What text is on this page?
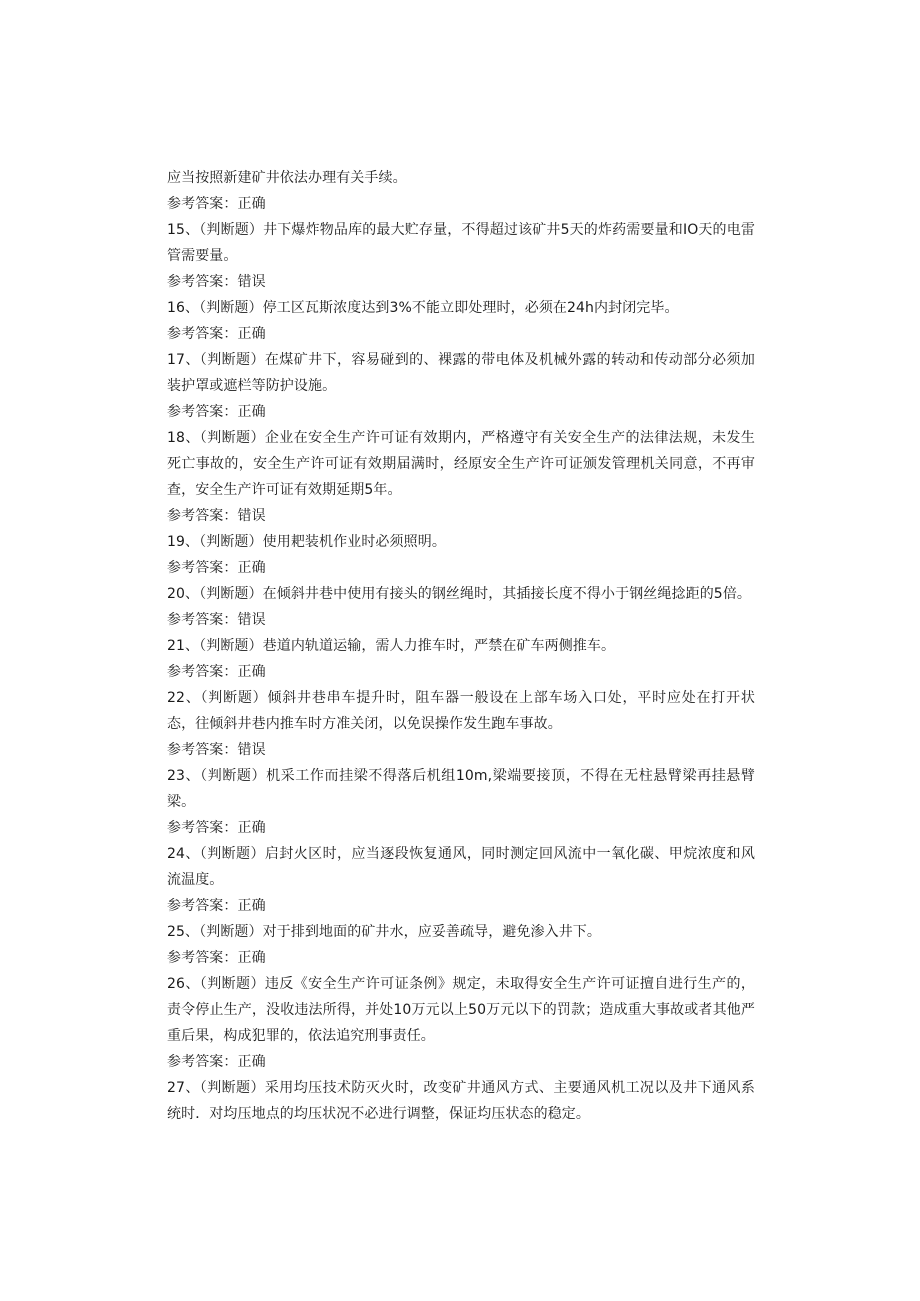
应当按照新建矿井依法办理有关手续。

参考答案：正确

15、（判断题）井下爆炸物品库的最大贮存量，不得超过该矿井5天的炸药需要量和IO天的电雷管需要量。

参考答案：错误

16、（判断题）停工区瓦斯浓度达到3%不能立即处理时，必须在24h内封闭完毕。

参考答案：正确

17、（判断题）在煤矿井下，容易碰到的、裸露的带电体及机械外露的转动和传动部分必须加装护罩或遮栏等防护设施。

参考答案：正确

18、（判断题）企业在安全生产许可证有效期内，严格遵守有关安全生产的法律法规，未发生死亡事故的，安全生产许可证有效期届满时，经原安全生产许可证颁发管理机关同意，不再审查，安全生产许可证有效期延期5年。

参考答案：错误

19、（判断题）使用耙装机作业时必须照明。

参考答案：正确

20、（判断题）在倾斜井巷中使用有接头的钢丝绳时，其插接长度不得小于钢丝绳捻距的5倍。

参考答案：错误

21、（判断题）巷道内轨道运输，需人力推车时，严禁在矿车两侧推车。

参考答案：正确

22、（判断题）倾斜井巷串车提升时，阻车器一般设在上部车场入口处，平时应处在打开状态，往倾斜井巷内推车时方准关闭，以免误操作发生跑车事故。

参考答案：错误

23、（判断题）机采工作而挂梁不得落后机组10m,梁端要接顶，不得在无柱悬臂梁再挂悬臂梁。

参考答案：正确

24、（判断题）启封火区时，应当逐段恢复通风，同时测定回风流中一氧化碳、甲烷浓度和风流温度。

参考答案：正确

25、（判断题）对于排到地面的矿井水，应妥善疏导，避免渗入井下。

参考答案：正确

26、（判断题）违反《安全生产许可证条例》规定，未取得安全生产许可证擅自进行生产的，责令停止生产，没收违法所得，并处10万元以上50万元以下的罚款；造成重大事故或者其他严重后果，构成犯罪的，依法追究刑事责任。

参考答案：正确

27、（判断题）采用均压技术防灭火时，改变矿井通风方式、主要通风机工况以及井下通风系统时．对均压地点的均压状况不必进行调整，保证均压状态的稳定。
